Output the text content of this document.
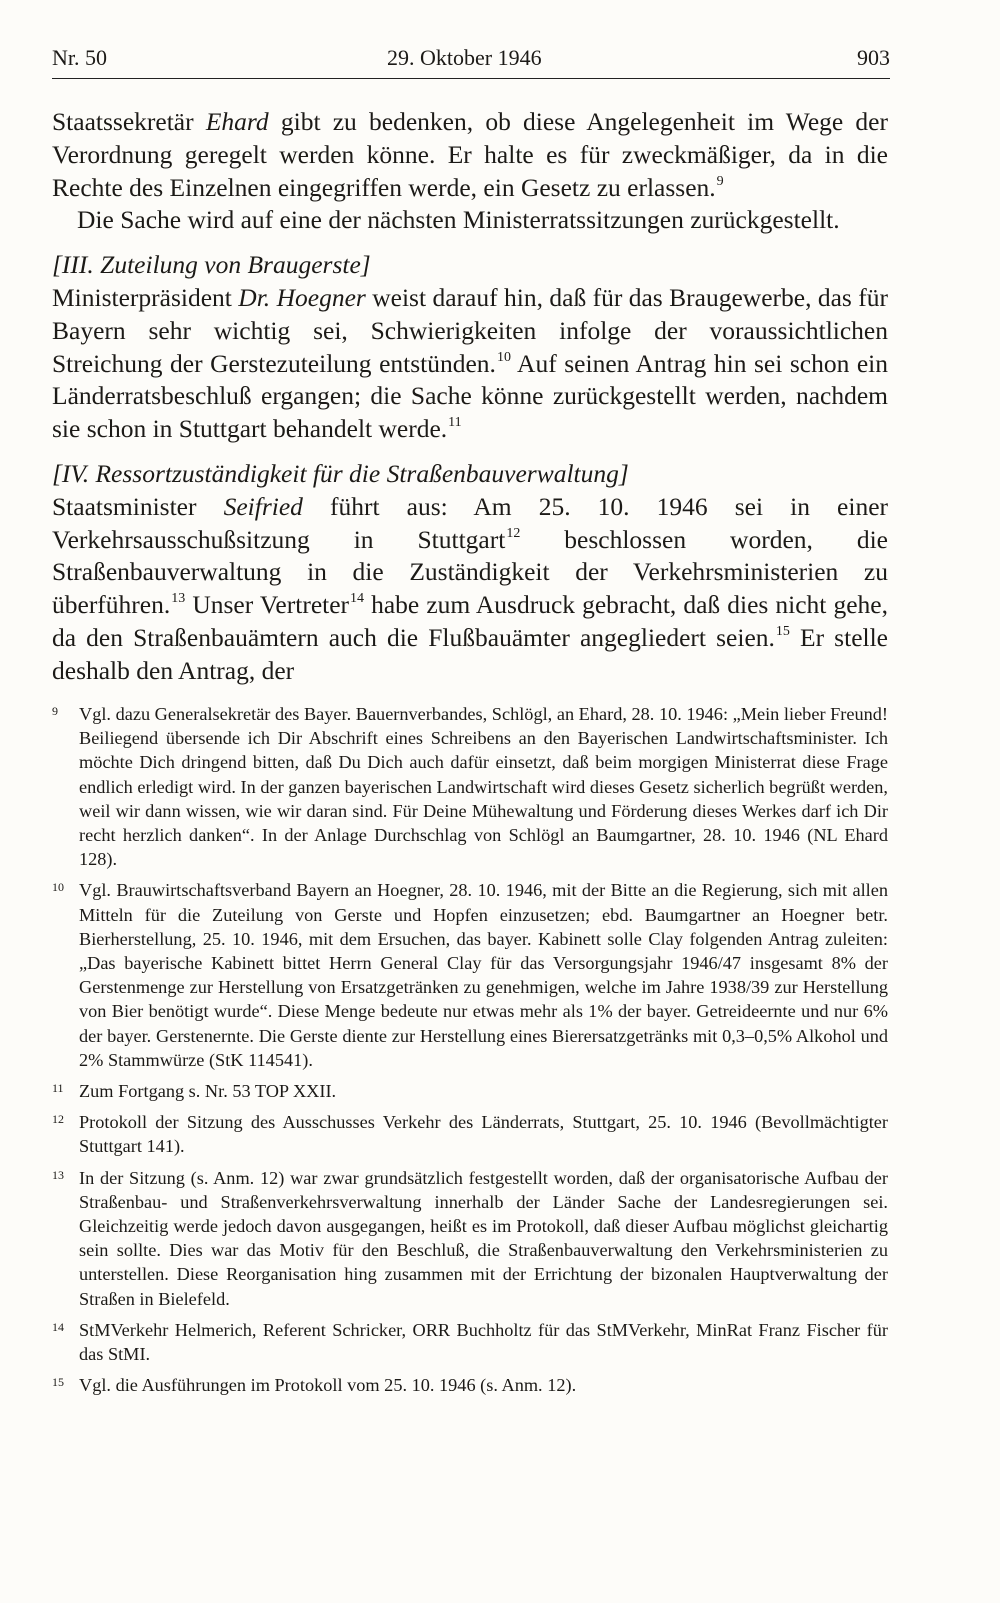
Nr. 50	29. Oktober 1946	903

Staatssekretär Ehard gibt zu bedenken, ob diese Angelegenheit im Wege der Verordnung geregelt werden könne. Er halte es für zweckmäßiger, da in die Rechte des Einzelnen eingegriffen werde, ein Gesetz zu erlassen.$^9$

Die Sache wird auf eine der nächsten Ministerratssitzungen zurückgestellt.

[III. Zuteilung von Braugerste]

Ministerpräsident Dr. Hoegner weist darauf hin, daß für das Braugewerbe, das für Bayern sehr wichtig sei, Schwierigkeiten infolge der voraussichtlichen Streichung der Gerstezuteilung entstünden.$^{10}$ Auf seinen Antrag hin sei schon ein Länderratsbeschluß ergangen; die Sache könne zurückgestellt werden, nachdem sie schon in Stuttgart behandelt werde.$^{11}$

[IV. Ressortzuständigkeit für die Straßenbauverwaltung]

Staatsminister Seifried führt aus: Am 25. 10. 1946 sei in einer Verkehrsausschußsitzung in Stuttgart$^{12}$ beschlossen worden, die Straßenbauverwaltung in die Zuständigkeit der Verkehrsministerien zu überführen.$^{13}$ Unser Vertreter$^{14}$ habe zum Ausdruck gebracht, daß dies nicht gehe, da den Straßenbauämtern auch die Flußbauämter angegliedert seien.$^{15}$ Er stelle deshalb den Antrag, der

9	Vgl. dazu Generalsekretär des Bayer. Bauernverbandes, Schlögl, an Ehard, 28. 10. 1946: „Mein lieber Freund! Beiliegend übersende ich Dir Abschrift eines Schreibens an den Bayerischen Landwirtschaftsminister. Ich möchte Dich dringend bitten, daß Du Dich auch dafür einsetzt, daß beim morgigen Ministerrat diese Frage endlich erledigt wird. In der ganzen bayerischen Landwirtschaft wird dieses Gesetz sicherlich begrüßt werden, weil wir dann wissen, wie wir daran sind. Für Deine Mühewaltung und Förderung dieses Werkes darf ich Dir recht herzlich danken“. In der Anlage Durchschlag von Schlögl an Baumgartner, 28. 10. 1946 (NL Ehard 128).
10 Vgl. Brauwirtschaftsverband Bayern an Hoegner, 28. 10. 1946, mit der Bitte an die Regierung, sich mit allen Mitteln für die Zuteilung von Gerste und Hopfen einzusetzen; ebd. Baumgartner an Hoegner betr. Bierherstellung, 25. 10. 1946, mit dem Ersuchen, das bayer. Kabinett solle Clay folgenden Antrag zuleiten: „Das bayerische Kabinett bittet Herrn General Clay für das Versorgungsjahr 1946/47 insgesamt 8% der Gerstenmenge zur Herstellung von Ersatzgetränken zu genehmigen, welche im Jahre 1938/39 zur Herstellung von Bier benötigt wurde“. Diese Menge bedeute nur etwas mehr als 1% der bayer. Getreideernte und nur 6% der bayer. Gerstenernte. Die Gerste diente zur Herstellung eines Bierersatzgetränks mit 0,3–0,5% Alkohol und 2% Stammwürze (StK 114541).
11 Zum Fortgang s. Nr. 53 TOP XXII.
12 Protokoll der Sitzung des Ausschusses Verkehr des Länderrats, Stuttgart, 25. 10. 1946 (Bevollmächtigter Stuttgart 141).
13 In der Sitzung (s. Anm. 12) war zwar grundsätzlich festgestellt worden, daß der organisatorische Aufbau der Straßenbau- und Straßenverkehrsverwaltung innerhalb der Länder Sache der Landesregierungen sei. Gleichzeitig werde jedoch davon ausgegangen, heißt es im Protokoll, daß dieser Aufbau möglichst gleichartig sein sollte. Dies war das Motiv für den Beschluß, die Straßenbauverwaltung den Verkehrsministerien zu unterstellen. Diese Reorganisation hing zusammen mit der Errichtung der bizonalen Hauptverwaltung der Straßen in Bielefeld.
14 StMVerkehr Helmerich, Referent Schricker, ORR Buchholtz für das StMVerkehr, MinRat Franz Fischer für das StMI.
15 Vgl. die Ausführungen im Protokoll vom 25. 10. 1946 (s. Anm. 12).
